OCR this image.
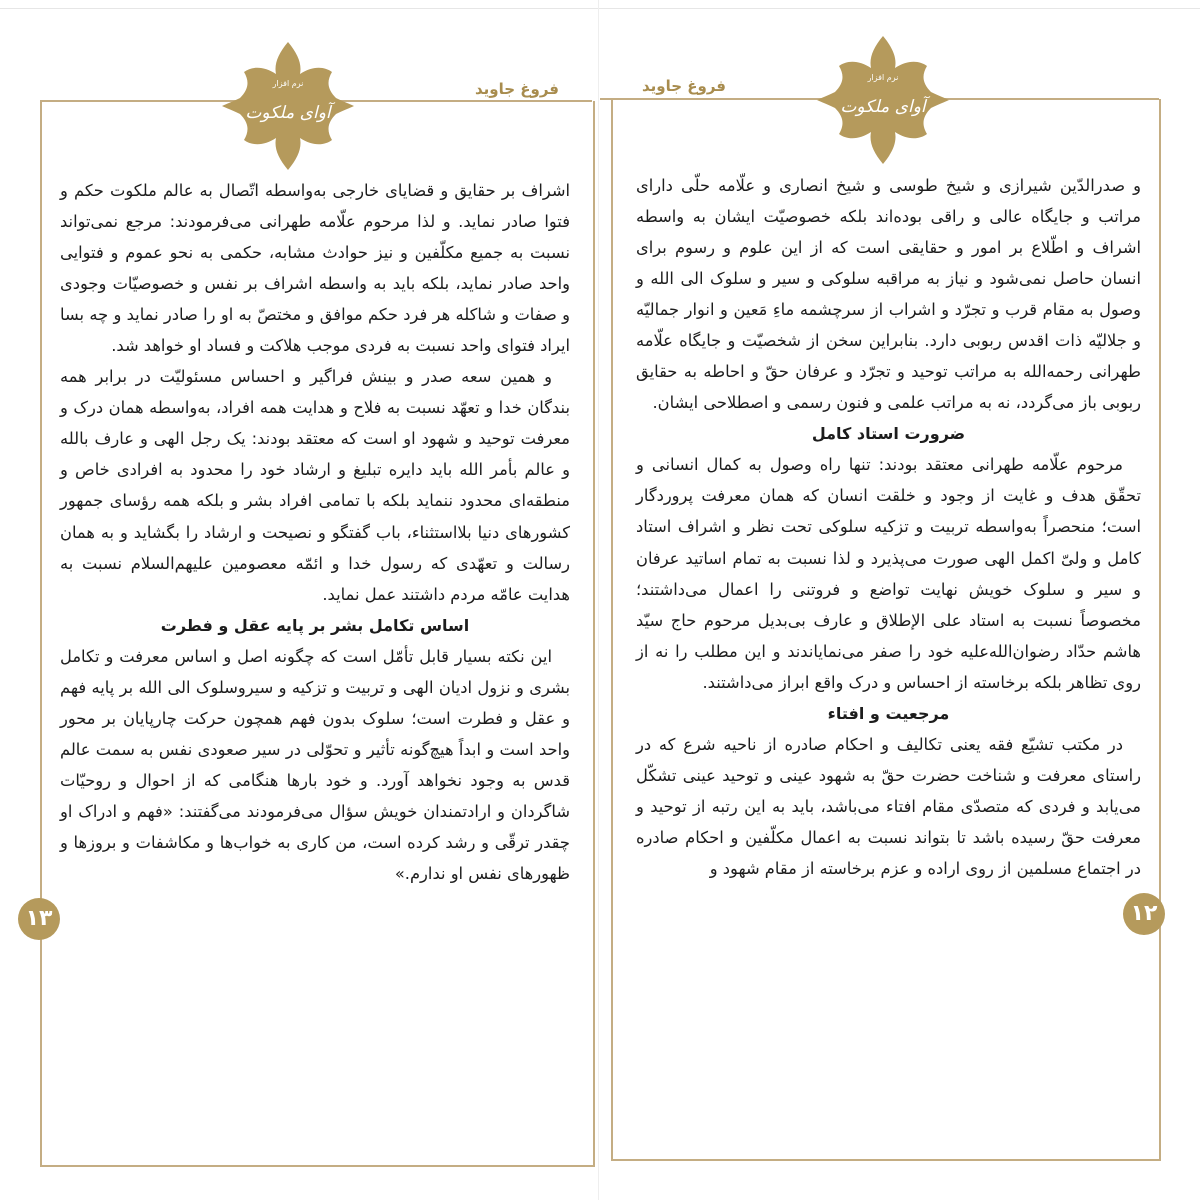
فروغ جاوید
نرم افزار
آوای ملکوت
۱۳

اشراف بر حقایق و قضایای خارجی به‌واسطه اتّصال به عالم ملکوت حکم و فتوا صادر نماید. و لذا مرحوم علّامه طهرانی می‌فرمودند: مرجع نمی‌تواند نسبت به جمیع مکلّفین و نیز حوادث مشابه، حکمی به نحو عموم و فتوایی واحد صادر نماید، بلکه باید به واسطه اشراف بر نفس و خصوصیّات وجودی و صفات و شاکله هر فرد حکم موافق و مختصّ به او را صادر نماید و چه بسا ایراد فتوای واحد نسبت به فردی موجب هلاکت و فساد او خواهد شد.

و همین سعه صدر و بینش فراگیر و احساس مسئولیّت در برابر همه بندگان خدا و تعهّد نسبت به فلاح و هدایت همه افراد، به‌واسطه همان درک و معرفت توحید و شهود او است که معتقد بودند: یک رجل الهی و عارف بالله و عالم بأمر الله باید دایره تبلیغ و ارشاد خود را محدود به افرادی خاص و منطقه‌ای محدود ننماید بلکه با تمامی افراد بشر و بلکه همه رؤسای جمهور کشورهای دنیا بلااستثناء، باب گفتگو و نصیحت و ارشاد را بگشاید و به همان رسالت و تعهّدی که رسول خدا و ائمّه معصومین علیهم‌السلام نسبت به هدایت عامّه مردم داشتند عمل نماید.

اساس تکامل بشر بر پایه عقل و فطرت

این نکته بسیار قابل تأمّل است که چگونه اصل و اساس معرفت و تکامل بشری و نزول ادیان الهی و تربیت و تزکیه و سیروسلوک الی الله بر پایه فهم و عقل و فطرت است؛ سلوک بدون فهم همچون حرکت چارپایان بر محور واحد است و ابداً هیچ‌گونه تأثیر و تحوّلی در سیر صعودی نفس به سمت عالم قدس به وجود نخواهد آورد. و خود بارها هنگامی که از احوال و روحیّات شاگردان و ارادتمندان خویش سؤال می‌فرمودند می‌گفتند: «فهم و ادراک او چقدر ترقّی و رشد کرده است، من کاری به خواب‌ها و مکاشفات و بروزها و ظهورهای نفس او ندارم.»

فروغ جاوید	نرم افزار
آوای ملکوت
۱۲

و صدرالدّین شیرازی و شیخ طوسی و شیخ انصاری و علّامه حلّی دارای مراتب و جایگاه عالی و راقی بوده‌اند بلکه خصوصیّت ایشان به واسطه اشراف و اطّلاع بر امور و حقایقی است که از این علوم و رسوم برای انسان حاصل نمی‌شود و نیاز به مراقبه سلوکی و سیر و سلوک الی الله و وصول به مقام قرب و تجرّد و اشراب از سرچشمه ماءِ مَعین و انوار جمالیّه و جلالیّه ذات اقدس ربوبی دارد. بنابراین سخن از شخصیّت و جایگاه علّامه طهرانی رحمه‌الله به مراتب توحید و تجرّد و عرفان حقّ و احاطه به حقایق ربوبی باز می‌گردد، نه به مراتب علمی و فنون رسمی و اصطلاحی ایشان.

ضرورت استاد کامل

مرحوم علّامه طهرانی معتقد بودند: تنها راه وصول به کمال انسانی و تحقّق هدف و غایت از وجود و خلقت انسان که همان معرفت پروردگار است؛ منحصراً به‌واسطه تربیت و تزکیه سلوکی تحت نظر و اشراف استاد کامل و ولیّ اکمل الهی صورت می‌پذیرد و لذا نسبت به تمام اساتید عرفان و سیر و سلوک خویش نهایت تواضع و فروتنی را اعمال می‌داشتند؛ مخصوصاً نسبت به استاد علی الإطلاق و عارف بی‌بدیل مرحوم حاج سیّد هاشم حدّاد رضوان‌الله‌علیه خود را صفر می‌نمایاندند و این مطلب را نه از روی تظاهر بلکه برخاسته از احساس و درک واقع ابراز می‌داشتند.

مرجعیت و افتاء

در مکتب تشیّع فقه یعنی تکالیف و احکام صادره از ناحیه شرع که در راستای معرفت و شناخت حضرت حقّ به شهود عینی و توحید عینی تشکّل می‌یابد و فردی که متصدّی مقام افتاء می‌باشد، باید به این رتبه از توحید و معرفت حقّ رسیده باشد تا بتواند نسبت به اعمال مکلّفین و احکام صادره در اجتماع مسلمین از روی اراده و عزم برخاسته از مقام شهود و
